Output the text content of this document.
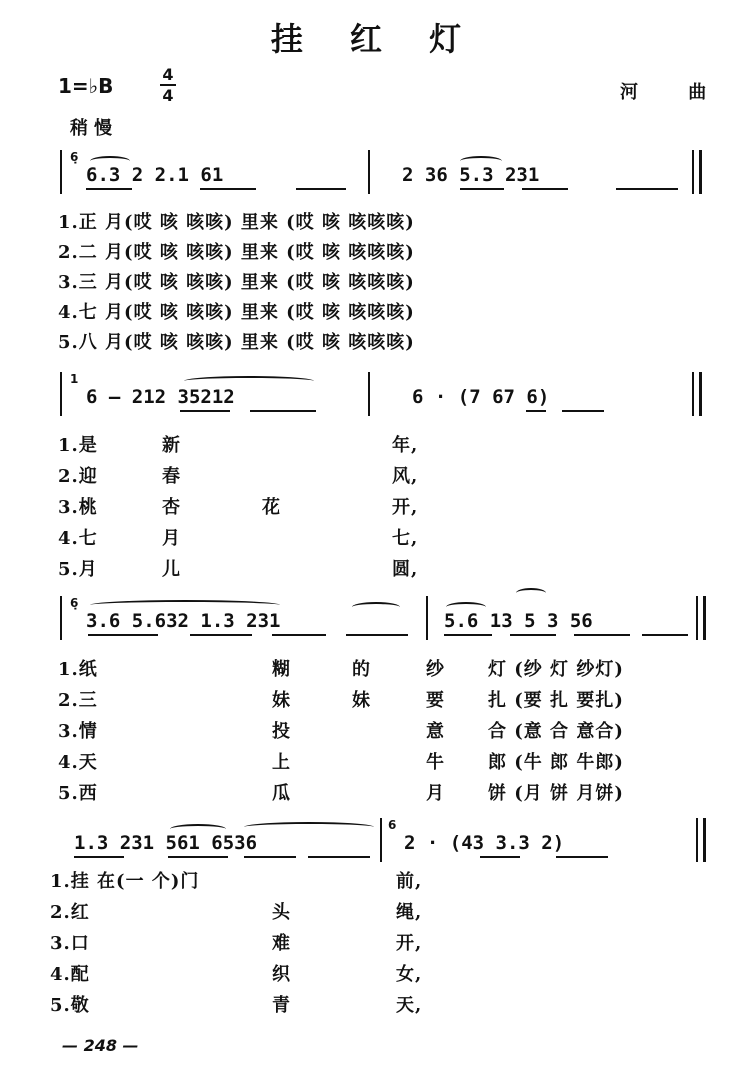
挂 红 灯
1=♭B	4
4	河 曲
稍慢
6̣
6.3 2 2.1 61	2 36 5.3 231
1.正 月(哎 咳 咳咳) 里来 (哎 咳 咳咳咳)
2.二 月(哎 咳 咳咳) 里来 (哎 咳 咳咳咳)
3.三 月(哎 咳 咳咳) 里来 (哎 咳 咳咳咳)
4.七 月(哎 咳 咳咳) 里来 (哎 咳 咳咳咳)
5.八 月(哎 咳 咳咳) 里来 (哎 咳 咳咳咳)
1
6 — 212 35212	6 · (7 67 6)
1.是	新	年,
2.迎	春	风,
3.桃	杏	花	开,
4.七	月	七,
5.月	儿	圆,
6̣
3.6 5.632 1.3 231	5.6 13 5 3 56
1.纸	糊	的	纱	灯 (纱 灯 纱灯)
2.三	妹	妹	要	扎 (要 扎 要扎)
3.情	投	意	合 (意 合 意合)
4.天	上	牛	郎 (牛 郎 牛郎)
5.西	瓜	月	饼 (月 饼 月饼)
1.3 231 561 6536
6
2 · (43 3.3 2)
1.挂 在(一 个)门	前,
2.红	头	绳,
3.口	难	开,
4.配	织	女,
5.敬	青	天,
— 248 —
